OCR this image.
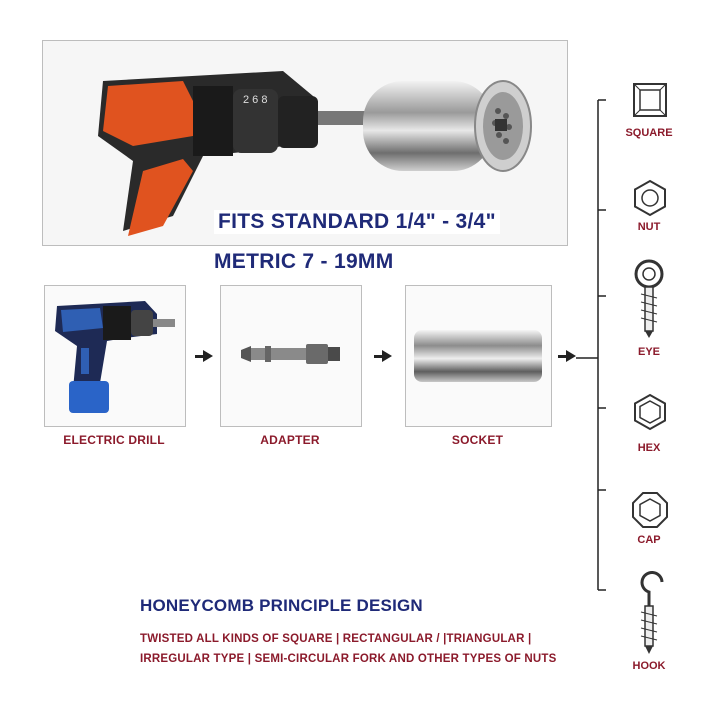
2 6 8
FITS STANDARD 1/4" - 3/4"
METRIC 7 - 19MM
ELECTRIC DRILL	ADAPTER	SOCKET
SQUARE
NUT
EYE
HEX
CAP
HOOK
HONEYCOMB PRINCIPLE DESIGN
TWISTED ALL KINDS OF SQUARE | RECTANGULAR / |TRIANGULAR |
IRREGULAR TYPE | SEMI-CIRCULAR FORK AND OTHER TYPES OF NUTS
